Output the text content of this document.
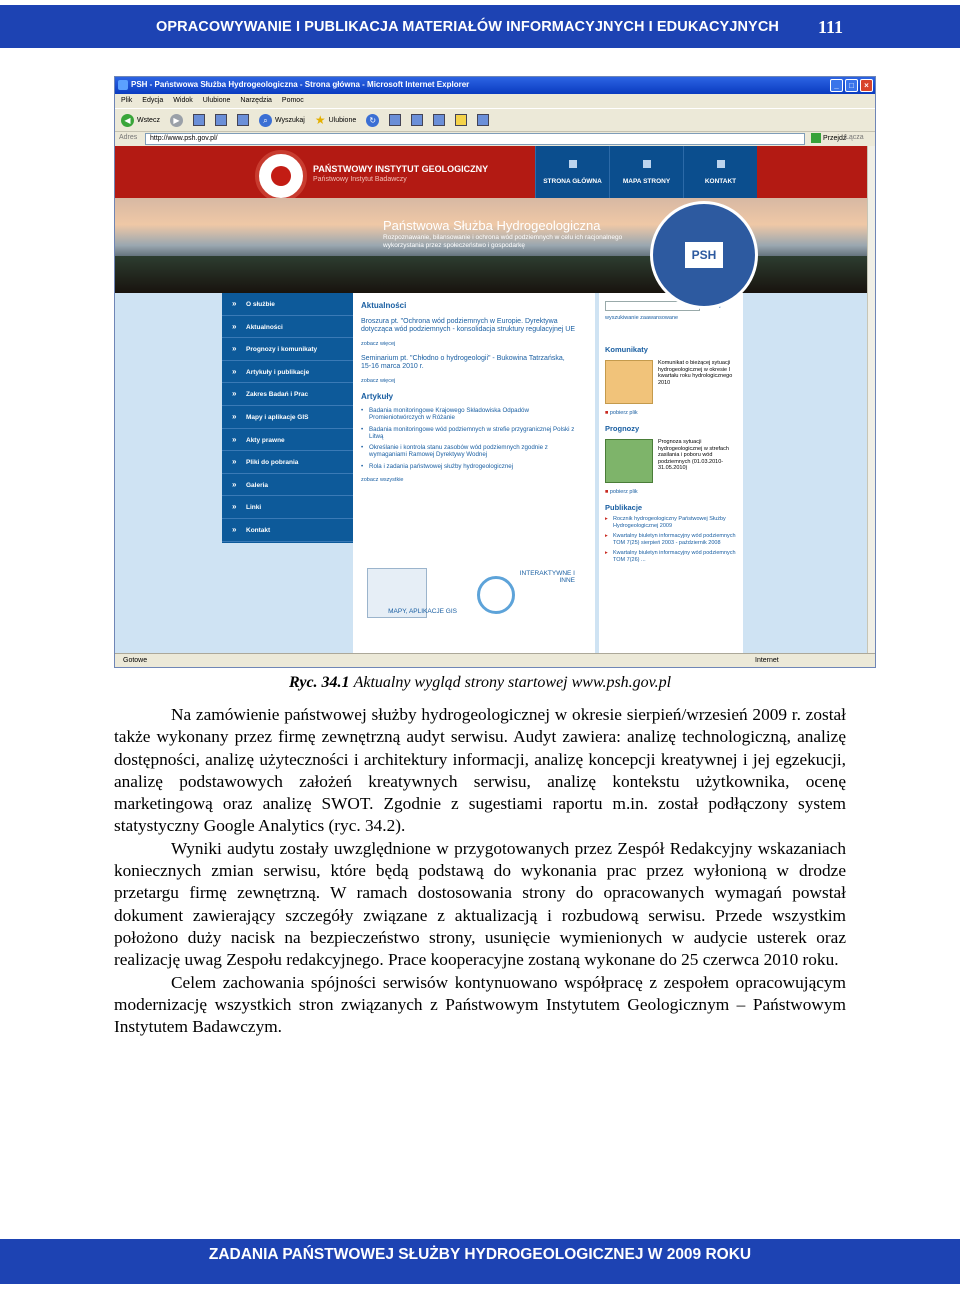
OPRACOWYWANIE I PUBLIKACJA MATERIAŁÓW INFORMACYJNYCH I EDUKACYJNYCH 111
PSH - Państwowa Służba Hydrogeologiczna - Strona główna - Microsoft Internet Explorer	_	□	×
Plik Edycja Widok Ulubione Narzędzia Pomoc
◀ Wstecz	▶	⌕	Wyszukaj ★ Ulubione	↻
Adres	http://www.psh.gov.pl/	Przejdź
Łącza
PAŃSTWOWY INSTYTUT GEOLOGICZNY
Państwowy Instytut Badawczy	STRONA GŁÓWNA	MAPA STRONY	KONTAKT
Państwowa Służba Hydrogeologiczna
Rozpoznawanie, bilansowanie i ochrona wód podziemnych w celu ich racjonalnego wykorzystania przez społeczeństwo i gospodarkę
» O służbie
» Aktualności
» Prognozy i komunikaty
» Artykuły i publikacje
» Zakres Badań i Prac
» Mapy i aplikacje GIS
» Akty prawne
» Pliki do pobrania
» Galeria
» Linki
» Kontakt
Aktualności
Broszura pt. "Ochrona wód podziemnych w Europie. Dyrektywa dotycząca wód podziemnych - konsolidacja struktury regulacyjnej UE
zobacz więcej
Seminarium pt. "Chłodno o hydrogeologii" - Bukowina Tatrzańska, 15-16 marca 2010 r.
zobacz więcej
Artykuły
• Badania monitoringowe Krajowego Składowiska Odpadów Promieniotwórczych w Różanie
• Badania monitoringowe wód podziemnych w strefie przygranicznej Polski z Litwą
• Określanie i kontrola stanu zasobów wód podziemnych zgodnie z wymaganiami Ramowej Dyrektywy Wodnej
• Rola i zadania państwowej służby hydrogeologicznej
zobacz wszystkie
MAPY, APLIKACJE GIS
INTERAKTYWNE I INNE
wyszukiwanie zaawansowane
Komunikaty
Komunikat o bieżącej sytuacji hydrogeologicznej w okresie I kwartału roku hydrologicznego 2010
■ pobierz plik
Prognozy
Prognoza sytuacji hydrogeologicznej w strefach zasilania i poboru wód podziemnych (01.03.2010-31.05.2010)
■ pobierz plik
Publikacje
▸ Rocznik hydrogeologiczny Państwowej Służby Hydrogeologicznej 2009
▸ Kwartalny biuletyn informacyjny wód podziemnych TOM 7(25) sierpień 2003 - październik 2008
▸ Kwartalny biuletyn informacyjny wód podziemnych TOM 7(26) ...
PSH
Gotowe	Internet
Ryc. 34.1 Aktualny wygląd strony startowej www.psh.gov.pl

Na zamówienie państwowej służby hydrogeologicznej w okresie sierpień/wrzesień 2009 r. został także wykonany przez firmę zewnętrzną audyt serwisu. Audyt zawiera: analizę technologiczną, analizę dostępności, analizę użyteczności i architektury informacji, analizę koncepcji kreatywnej i jej egzekucji, analizę podstawowych założeń kreatywnych serwisu, analizę kontekstu użytkownika, ocenę marketingową oraz analizę SWOT. Zgodnie z sugestiami raportu m.in. został podłączony system statystyczny Google Analytics (ryc. 34.2).

Wyniki audytu zostały uwzględnione w przygotowanych przez Zespół Redakcyjny wskazaniach koniecznych zmian serwisu, które będą podstawą do wykonania prac przez wyłonioną w drodze przetargu firmę zewnętrzną. W ramach dostosowania strony do opracowanych wymagań powstał dokument zawierający szczegóły związane z aktualizacją i rozbudową serwisu. Przede wszystkim położono duży nacisk na bezpieczeństwo strony, usunięcie wymienionych w audycie usterek oraz realizację uwag Zespołu redakcyjnego. Prace kooperacyjne zostaną wykonane do 25 czerwca 2010 roku.

Celem zachowania spójności serwisów kontynuowano współpracę z zespołem opracowującym modernizację wszystkich stron związanych z Państwowym Instytutem Geologicznym – Państwowym Instytutem Badawczym.

ZADANIA PAŃSTWOWEJ SŁUŻBY HYDROGEOLOGICZNEJ W 2009 ROKU
